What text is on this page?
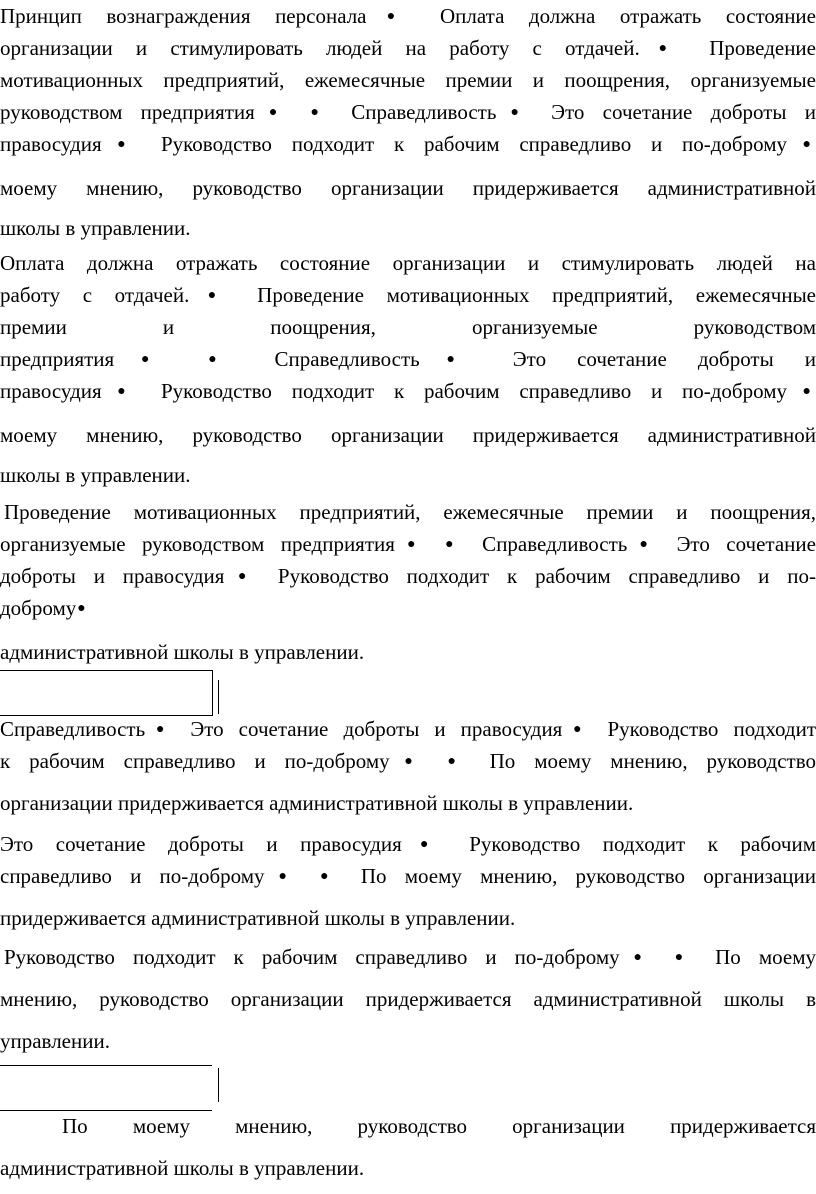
Принцип вознаграждения персонала● Оплата должна отражать состояние
организации и стимулировать людей на работу с отдачей.● Проведение
мотивационных предприятий, ежемесячные премии и поощрения, организуемые
руководством предприятия● ● Справедливость● Это сочетание доброты и
правосудия● Руководство подходит к рабочим справедливо и по-доброму●
моему мнению, руководство организации придерживается административной
школы в управлении.
Оплата должна отражать состояние организации и стимулировать людей на
работу с отдачей.● Проведение мотивационных предприятий, ежемесячные
премии и поощрения, организуемые руководством
предприятия● ● Справедливость● Это сочетание доброты и
правосудия● Руководство подходит к рабочим справедливо и по-доброму●
моему мнению, руководство организации придерживается административной
школы в управлении.
Проведение мотивационных предприятий, ежемесячные премии и поощрения,
организуемые руководством предприятия● ● Справедливость● Это сочетание
доброты и правосудия● Руководство подходит к рабочим справедливо и по-
доброму●
административной школы в управлении.
Справедливость● Это сочетание доброты и правосудия● Руководство подходит
к рабочим справедливо и по-доброму● ● По моему мнению, руководство
организации придерживается административной школы в управлении.
Это сочетание доброты и правосудия● Руководство подходит к рабочим
справедливо и по-доброму● ● По моему мнению, руководство организации
придерживается административной школы в управлении.
Руководство подходит к рабочим справедливо и по-доброму● ● По моему
мнению, руководство организации придерживается административной школы в
управлении.
По моему мнению, руководство организации придерживается
административной школы в управлении.
